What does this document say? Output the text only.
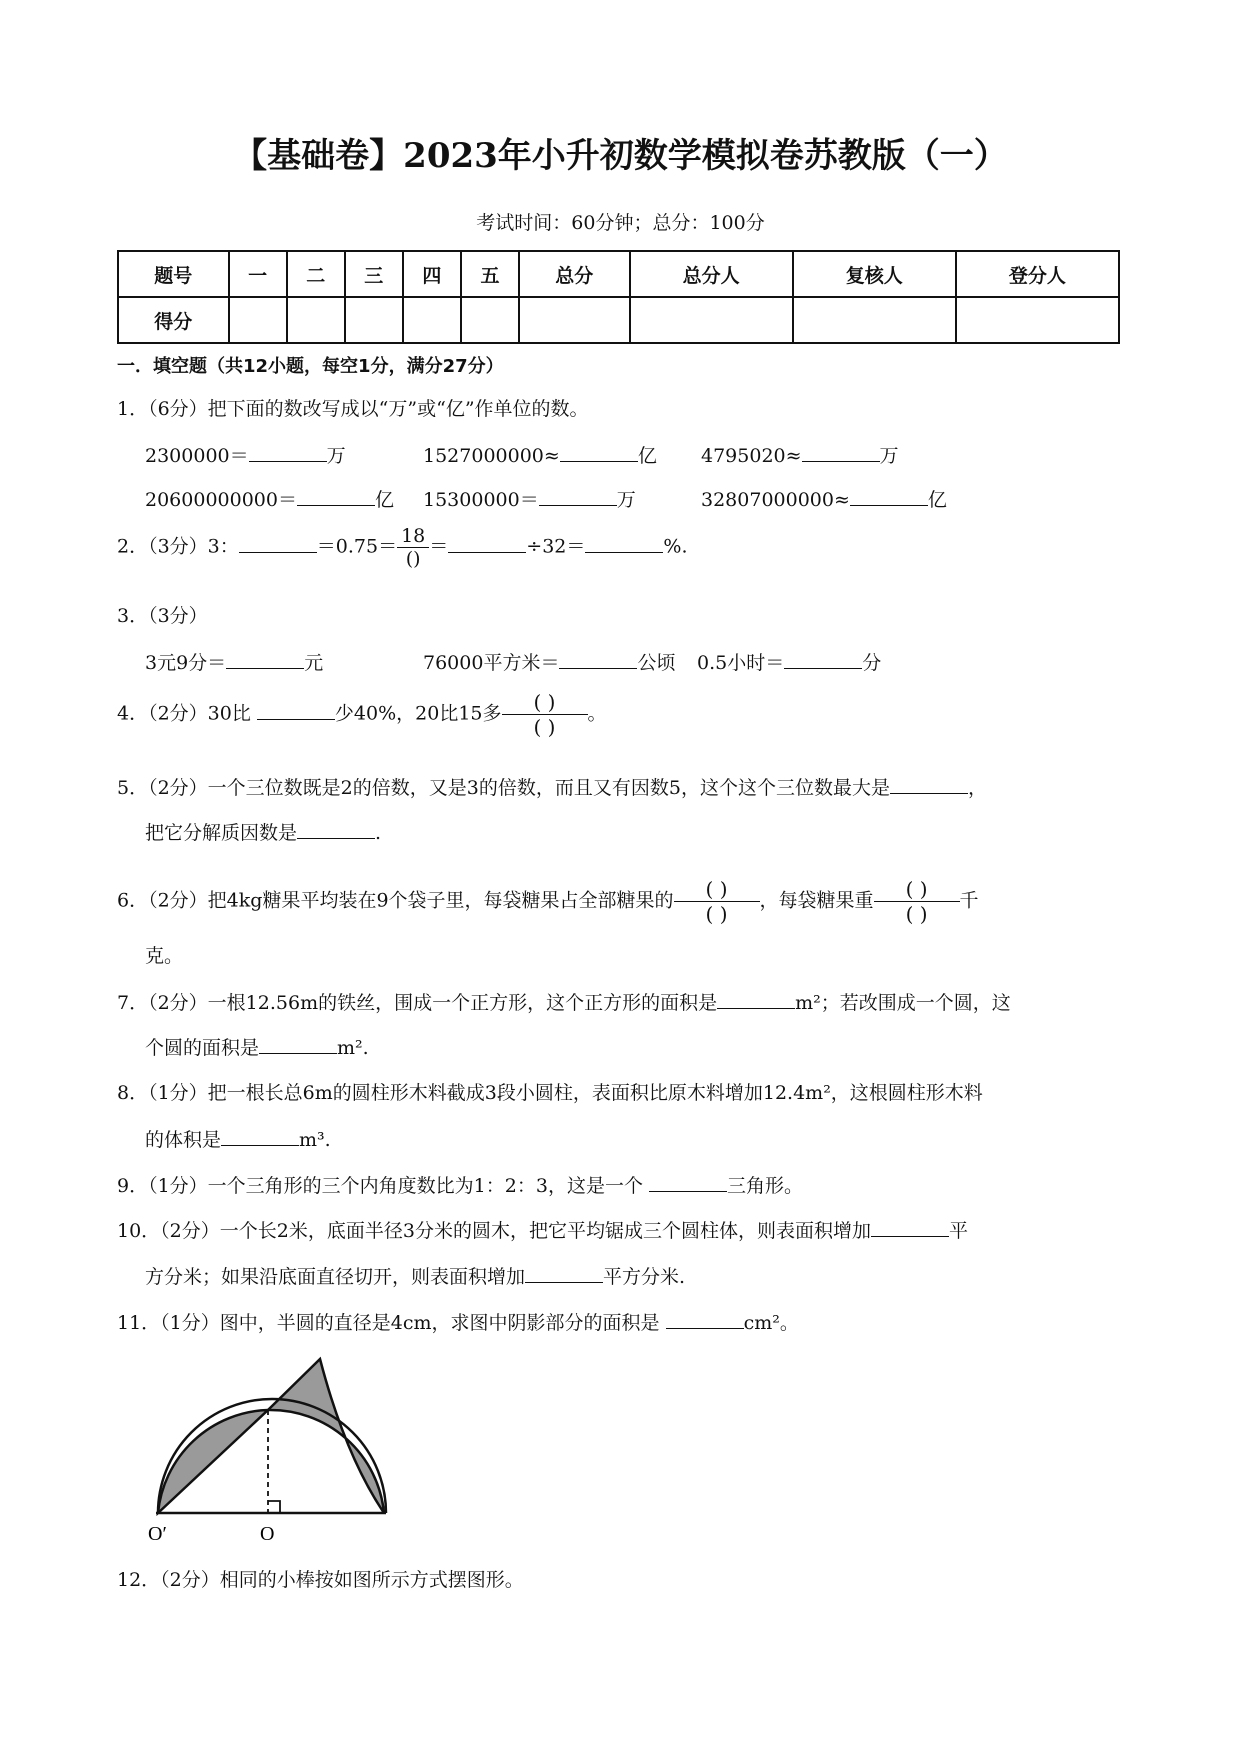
【基础卷】2023年小升初数学模拟卷苏教版（一）
考试时间：60分钟；总分：100分
题号	一	二	三	四	五	总分	总分人	复核人	登分人
得分									
一．填空题（共12小题，每空1分，满分27分）
1．（6分）把下面的数改写成以“万”或“亿”作单位的数。
2300000＝	万	1527000000≈	亿 4795020≈	万
20600000000＝	亿 15300000＝	万	32807000000≈	亿
2．（3分）3：	$=0.75= \frac{18}{()}$ ＝	÷32＝	%.
3．（3分）
3元9分＝	元	76000平方米＝	公顷 0.5小时＝	分
4．（2分）30比	少40%，20比15多 $\frac{( )}{( )}$ 。
5．（2分）一个三位数既是2的倍数，又是3的倍数，而且又有因数5，这个这个三位数最大是	，
把它分解质因数是	.
6．（2分）把4kg糖果平均装在9个袋子里，每袋糖果占全部糖果的 $\frac{( )}{( )}$ ，每袋糖果重 $\frac{( )}{( )}$ 千
克。
7．（2分）一根12.56m的铁丝，围成一个正方形，这个正方形的面积是	m²；若改围成一个圆，这
个圆的面积是	m².
8．（1分）把一根长总6m的圆柱形木料截成3段小圆柱，表面积比原木料增加12.4m²，这根圆柱形木料
的体积是	m³.
9．（1分）一个三角形的三个内角度数比为1：2：3，这是一个	三角形。
10．（2分）一个长2米，底面半径3分米的圆木，把它平均锯成三个圆柱体，则表面积增加	平
方分米；如果沿底面直径切开，则表面积增加	平方分米.
11．（1分）图中，半圆的直径是4cm，求图中阴影部分的面积是	cm²。
O′	O
12．（2分）相同的小棒按如图所示方式摆图形。
